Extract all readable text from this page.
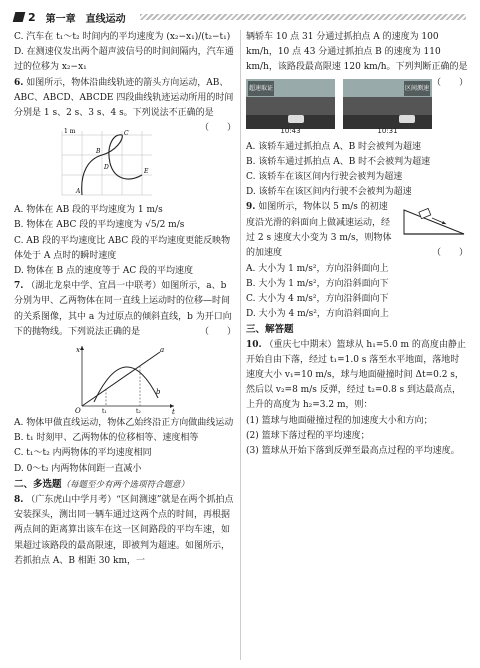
2 第一章　直线运动

C. 汽车在 t₁～t₂ 时间内的平均速度为 (x₂−x₁)/(t₂−t₁)

D. 在测速仪发出两个超声波信号的时间间隔内，汽车通过的位移为 x₂−x₁

6. 如图所示，物体沿曲线轨迹的箭头方向运动，AB、ABC、ABCD、ABCDE 四段曲线轨迹运动所用的时间分别是 1 s、2 s、3 s、4 s。下列说法不正确的是
（　　）

1 m
A
B
C
D
E

A. 物体在 AB 段的平均速度为 1 m/s

B. 物体在 ABC 段的平均速度为 √5/2 m/s

C. AB 段的平均速度比 ABC 段的平均速度更能反映物体处于 A 点时的瞬时速度

D. 物体在 B 点的速度等于 AC 段的平均速度

7. （湖北龙泉中学、宜昌一中联考）如图所示，a、b 分别为甲、乙两物体在同一直线上运动时的位移—时间的关系图像，其中 a 为过原点的倾斜直线，b 为开口向下的抛物线。下列说法正确的是	（　　）

x
t
O	t₁	t₂
a
b

A. 物体甲做直线运动，物体乙始终沿正方向做曲线运动

B. t₁ 时刻甲、乙两物体的位移相等、速度相等

C. t₁～t₂ 内两物体的平均速度相同

D. 0～t₂ 内两物体间距一直减小

二、多选题（每题至少有两个选项符合题意）

8. （广东虎山中学月考）“区间测速”就是在两个抓拍点安装探头，测出同一辆车通过这两个点的时间，再根据两点间的距离算出该车在这一区间路段的平均车速，如果超过该路段的最高限速，即被判为超速。如图所示，若抓拍点 A、B 相距 30 km，一

辆轿车 10 点 31 分通过抓拍点 A 的速度为 100 km/h，10 点 43 分通过抓拍点 B 的速度为 110 km/h，该路段最高限速 120 km/h。下列判断正确的是
（　　）

超速取证
10:43
区间测速
10:31

A. 该轿车通过抓拍点 A、B 时会被判为超速

B. 该轿车通过抓拍点 A、B 时不会被判为超速

C. 该轿车在该区间内行驶会被判为超速

D. 该轿车在该区间内行驶不会被判为超速

9. 如图所示，物体以 5 m/s 的初速度沿光滑的斜面向上做减速运动，经过 2 s 速度大小变为 3 m/s，则物体的加速度	（　　）

A. 大小为 1 m/s²，方向沿斜面向上

B. 大小为 1 m/s²，方向沿斜面向下

C. 大小为 4 m/s²，方向沿斜面向下

D. 大小为 4 m/s²，方向沿斜面向上

三、解答题

10. （重庆七中期末）篮球从 h₁=5.0 m 的高度由静止开始自由下落，经过 t₁=1.0 s 落至水平地面，落地时速度大小 v₁=10 m/s，球与地面碰撞时间 Δt=0.2 s，然后以 v₂=8 m/s 反弹，经过 t₂=0.8 s 到达最高点，上升的高度为 h₂=3.2 m，则：

(1) 篮球与地面碰撞过程的加速度大小和方向；

(2) 篮球下落过程的平均速度；

(3) 篮球从开始下落到反弹至最高点过程的平均速度。
